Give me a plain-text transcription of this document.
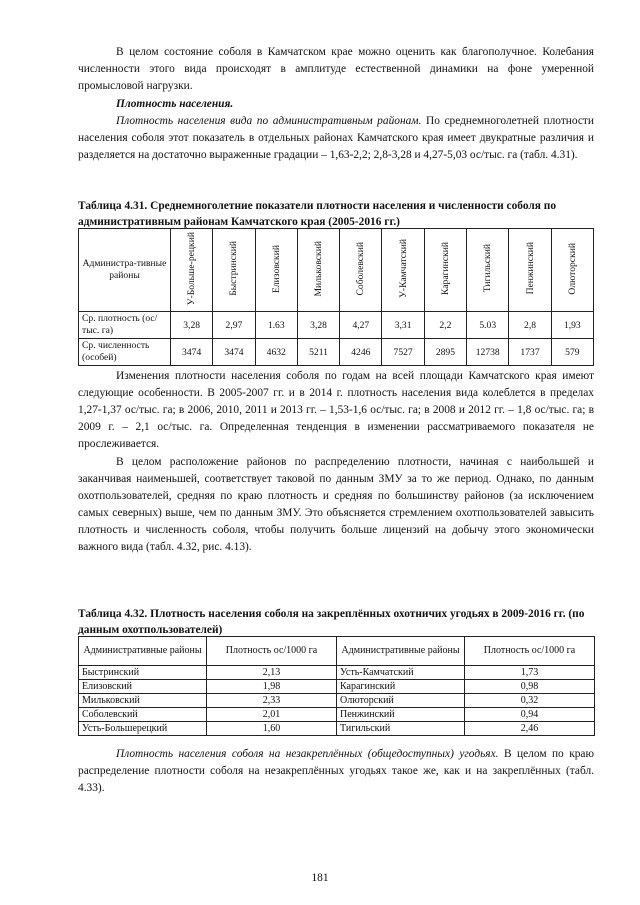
В целом состояние соболя в Камчатском крае можно оценить как благополучное. Колебания численности этого вида происходят в амплитуде естественной динамики на фоне умеренной промысловой нагрузки.

Плотность населения.

Плотность населения вида по административным районам. По среднемноголетней плотности населения соболя этот показатель в отдельных районах Камчатского края имеет двукратные различия и разделяется на достаточно выраженные градации – 1,63-2,2; 2,8-3,28 и 4,27-5,03 ос/тыс. га (табл. 4.31).

Таблица 4.31. Среднемноголетние показатели плотности населения и численности соболя по административным районам Камчатского края (2005-2016 гг.)

Администра-тивные районы	У-Больше-рецкий	Быстринский	Елизовский	Мильковский	Соболевский	У-Камчатский	Карагинский	Тигильский	Пенжинский	Олюторский
Ср. плотность (ос/тыс. га)	3,28	2,97	1.63	3,28	4,27	3,31	2,2	5.03	2,8	1,93
Ср. численность (особей)	3474	3474	4632	5211	4246	7527	2895	12738	1737	579

Изменения плотности населения соболя по годам на всей площади Камчатского края имеют следующие особенности. В 2005-2007 гг. и в 2014 г. плотность населения вида колеблется в пределах 1,27-1,37 ос/тыс. га; в 2006, 2010, 2011 и 2013 гг. – 1,53-1,6 ос/тыс. га; в 2008 и 2012 гг. – 1,8 ос/тыс. га; в 2009 г. – 2,1 ос/тыс. га. Определенная тенденция в изменении рассматриваемого показателя не прослеживается.

В целом расположение районов по распределению плотности, начиная с наибольшей и заканчивая наименьшей, соответствует таковой по данным ЗМУ за то же период. Однако, по данным охотпользователей, средняя по краю плотность и средняя по большинству районов (за исключением самых северных) выше, чем по данным ЗМУ. Это объясняется стремлением охотпользователей завысить плотность и численность соболя, чтобы получить больше лицензий на добычу этого экономически важного вида (табл. 4.32, рис. 4.13).

Таблица 4.32. Плотность населения соболя на закреплённых охотничих угодьях в 2009-2016 гг. (по данным охотпользователей)

Административные районы	Плотность ос/1000 га	Административные районы	Плотность ос/1000 га
Быстринский	2,13	Усть-Камчатский	1,73
Елизовский	1,98	Карагинский	0,98
Мильковский	2,33	Олюторский	0,32
Соболевский	2,01	Пенжинский	0,94
Усть-Большерецкий	1,60	Тигильский	2,46

Плотность населения соболя на незакреплённых (общедоступных) угодьях. В целом по краю распределение плотности соболя на незакреплённых угодьях такое же, как и на закреплённых (табл. 4.33).

181
